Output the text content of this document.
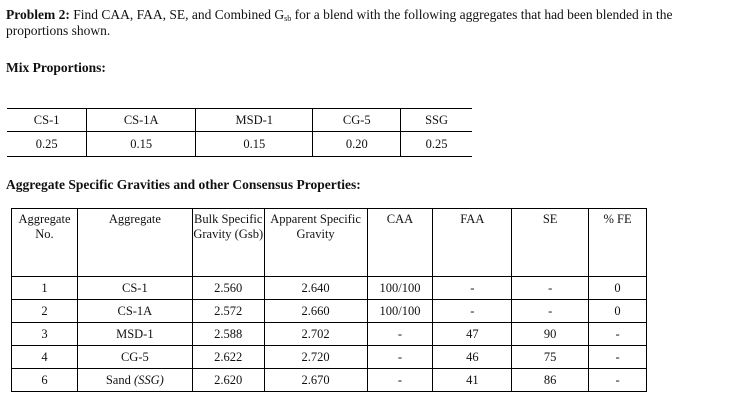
Problem 2: Find CAA, FAA, SE, and Combined $G_{sb}$ for a blend with the following aggregates that had been blended in the proportions shown.
Mix Proportions:
CS-1	CS-1A	MSD-1	CG-5	SSG
0.25	0.15	0.15	0.20	0.25
Aggregate Specific Gravities and other Consensus Properties:
Aggregate No.	Aggregate	Bulk Specific Gravity (Gsb)	Apparent Specific Gravity	CAA	FAA	SE	% FE
1	CS-1	2.560	2.640	100/100	-	-	0
2	CS-1A	2.572	2.660	100/100	-	-	0
3	MSD-1	2.588	2.702	-	47	90	-
4	CG-5	2.622	2.720	-	46	75	-
6	Sand (SSG)	2.620	2.670	-	41	86	-
